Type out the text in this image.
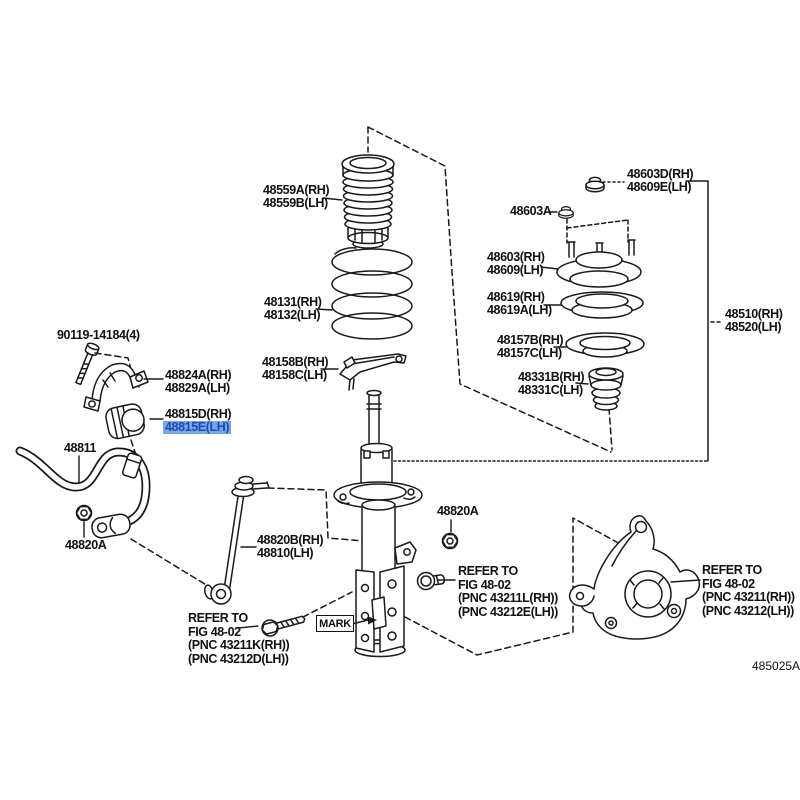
90119-14184(4)
48824A(RH)
48829A(LH)
48815D(RH)
48815E(LH)
48811
48820A	48820B(RH)
48810(LH)
48559A(RH)
48559B(LH)
48131(RH)
48132(LH)
48158B(RH)
48158C(LH)
48603D(RH)
48609E(LH)
48603A
48603(RH)
48609(LH)
48619(RH)
48619A(LH)
48157B(RH)
48157C(LH)
48331B(RH)
48331C(LH)
48510(RH)
48520(LH)
48820A
REFER TO
FIG 48-02
(PNC 43211K(RH))
(PNC 43212D(LH))
REFER TO
FIG 48-02
(PNC 43211L(RH))
(PNC 43212E(LH))
REFER TO
FIG 48-02
(PNC 43211(RH))
(PNC 43212(LH))
MARK
485025A
